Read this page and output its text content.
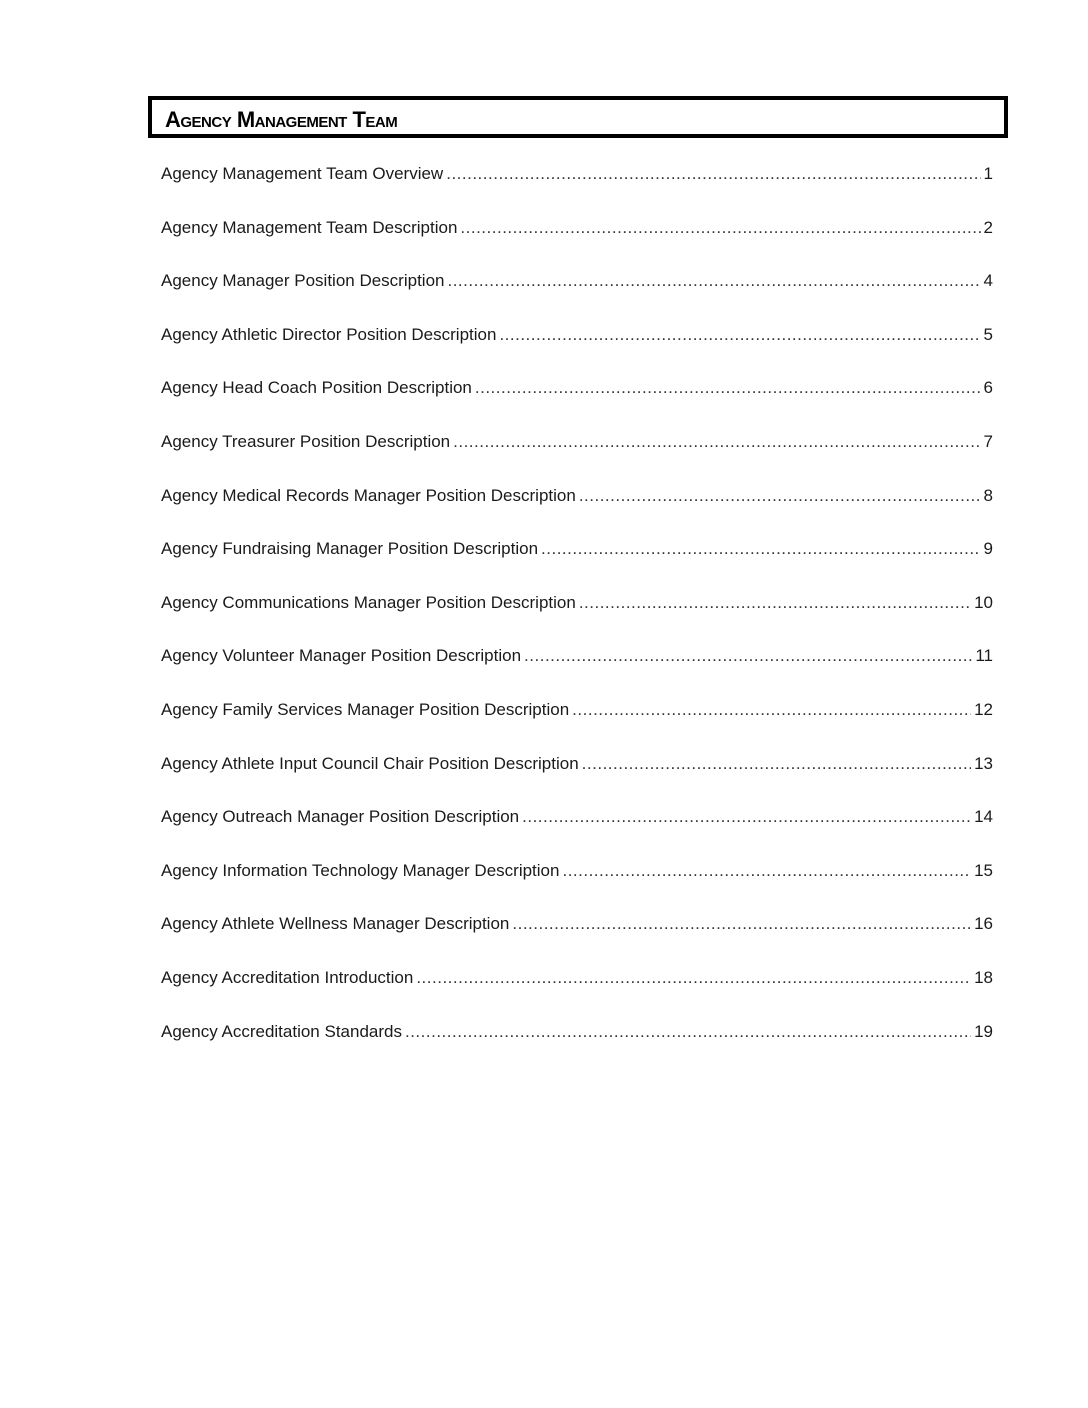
Agency Management Team
Agency Management Team Overview .....	1
Agency Management Team Description .....	2
Agency Manager Position Description .....	4
Agency Athletic Director Position Description .....	5
Agency Head Coach Position Description .....	6
Agency Treasurer Position Description .....	7
Agency Medical Records Manager Position Description .....	8
Agency Fundraising Manager Position Description .....	9
Agency Communications Manager Position Description .....	10
Agency Volunteer Manager Position Description .....	11
Agency Family Services Manager Position Description .....	12
Agency Athlete Input Council Chair Position Description .....	13
Agency Outreach Manager Position Description .....	14
Agency Information Technology Manager Description .....	15
Agency Athlete Wellness Manager Description .....	16
Agency Accreditation Introduction .....	18
Agency Accreditation Standards .....	19
